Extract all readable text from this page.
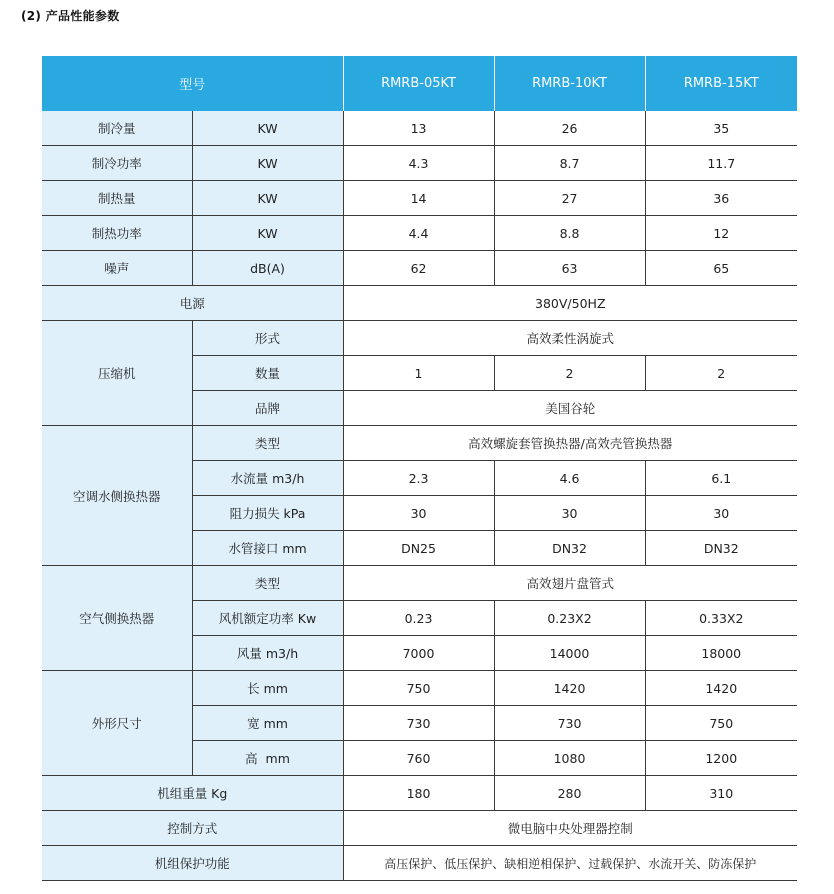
(2) 产品性能参数
型号		RMRB-05KT	RMRB-10KT	RMRB-15KT
制冷量	KW	13	26	35
制冷功率	KW	4.3	8.7	11.7
制热量	KW	14	27	36
制热功率	KW	4.4	8.8	12
噪声	dB(A)	62	63	65
电源		380V/50HZ		
压缩机	形式	高效柔性涡旋式		
	数量	1	2	2
	品牌	美国谷轮		
空调水侧换热器	类型	高效螺旋套管换热器/高效壳管换热器		
	水流量 m3/h	2.3	4.6	6.1
	阻力损失 kPa	30	30	30
	水管接口 mm	DN25	DN32	DN32
空气侧换热器	类型	高效翅片盘管式		
	风机额定功率 Kw	0.23	0.23X2	0.33X2
	风量 m3/h	7000	14000	18000
外形尺寸	长 mm	750	1420	1420
	宽 mm	730	730	750
	高  mm	760	1080	1200
机组重量 Kg		180	280	310
控制方式		微电脑中央处理器控制		
机组保护功能		高压保护、低压保护、缺相逆相保护、过载保护、水流开关、防冻保护		
